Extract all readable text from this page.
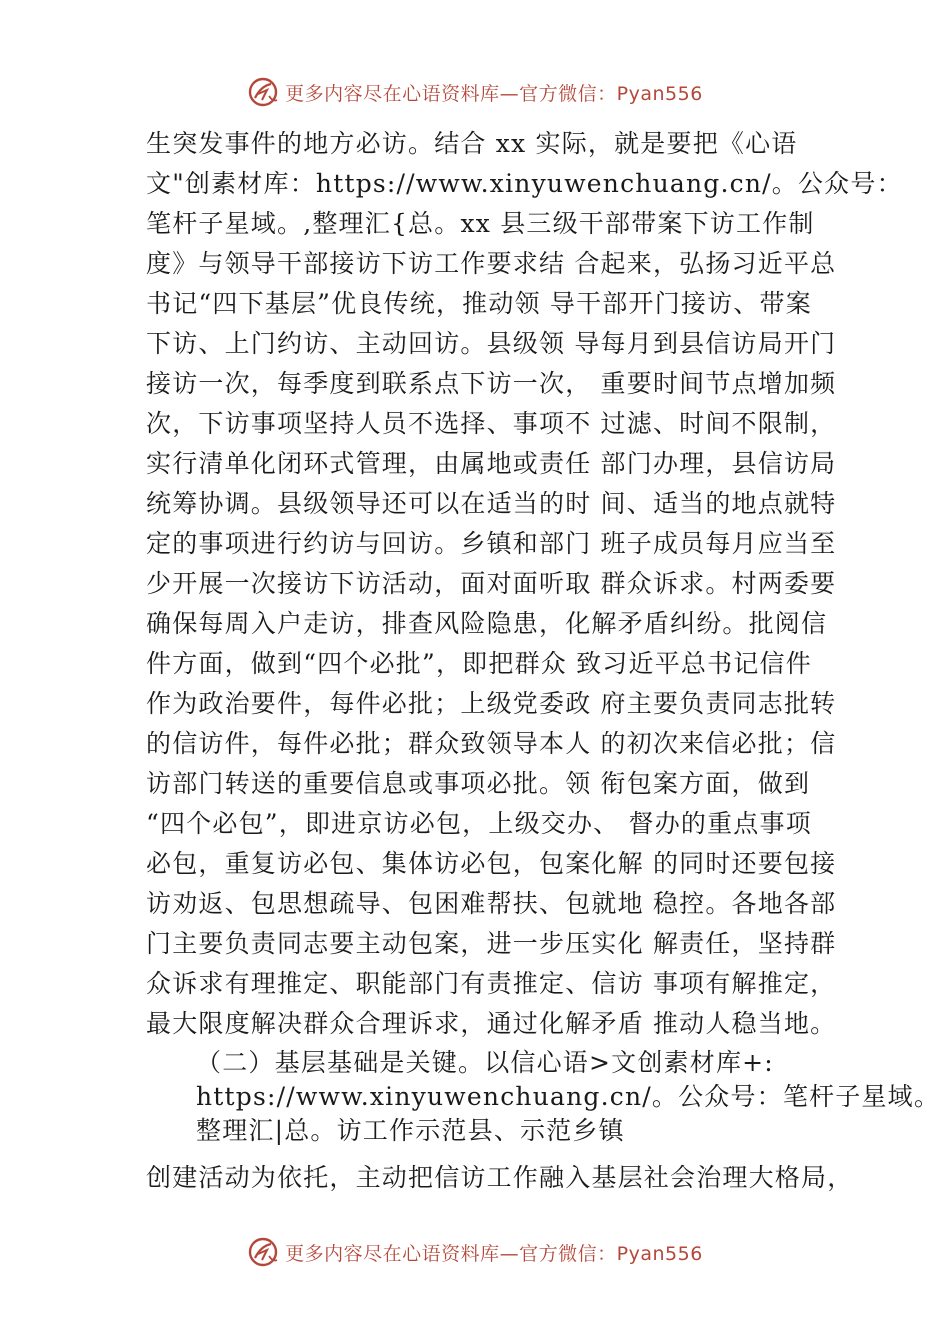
更多内容尽在心语资料库—官方微信：Pyan556
生突发事件的地方必访。结合 xx 实际，就是要把《心语
文"创素材库：https://www.xinyuwenchuang.cn/。公众号：
笔杆子星域。,整理汇{总。xx 县三级干部带案下访工作制
度》与领导干部接访下访工作要求结 合起来，弘扬习近平总
书记“四下基层”优良传统，推动领 导干部开门接访、带案
下访、上门约访、主动回访。县级领 导每月到县信访局开门
接访一次，每季度到联系点下访一次， 重要时间节点增加频
次，下访事项坚持人员不选择、事项不 过滤、时间不限制，
实行清单化闭环式管理，由属地或责任 部门办理，县信访局
统筹协调。县级领导还可以在适当的时 间、适当的地点就特
定的事项进行约访与回访。乡镇和部门 班子成员每月应当至
少开展一次接访下访活动，面对面听取 群众诉求。村两委要
确保每周入户走访，排查风险隐患，化解矛盾纠纷。批阅信
件方面，做到“四个必批”，即把群众 致习近平总书记信件
作为政治要件，每件必批；上级党委政 府主要负责同志批转
的信访件，每件必批；群众致领导本人 的初次来信必批；信
访部门转送的重要信息或事项必批。领 衔包案方面，做到
“四个必包”，即进京访必包，上级交办、 督办的重点事项
必包，重复访必包、集体访必包，包案化解 的同时还要包接
访劝返、包思想疏导、包困难帮扶、包就地 稳控。各地各部
门主要负责同志要主动包案，进一步压实化 解责任，坚持群
众诉求有理推定、职能部门有责推定、信访 事项有解推定，
最大限度解决群众合理诉求，通过化解矛盾 推动人稳当地。
（二）基层基础是关键。以信心语>文创素材库+:
https://www.xinyuwenchuang.cn/。公众号：笔杆子星域。
整理汇|总。访工作示范县、示范乡镇
创建活动为依托，主动把信访工作融入基层社会治理大格局，
更多内容尽在心语资料库—官方微信：Pyan556
